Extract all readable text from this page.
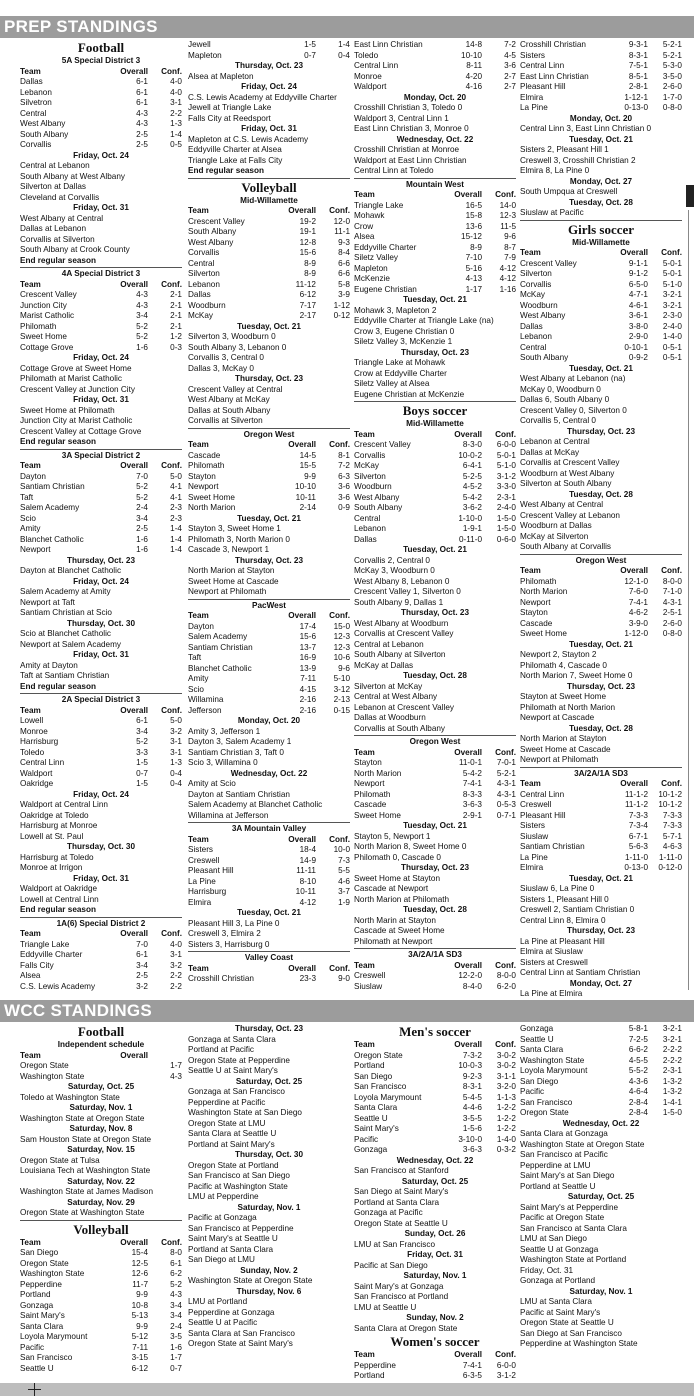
PREP STANDINGS
Football
5A Special District 3
Team	Overall	Conf.
Dallas	6-1	4-0
Lebanon	6-1	4-0
Silvetron	6-1	3-1
Central	4-3	2-2
West Albany	4-3	1-3
South Albany	2-5	1-4
Corvallis	2-5	0-5
Friday, Oct. 24
Central at Lebanon
South Albany at West Albany
Silverton at Dallas
Cleveland at Corvallis
Friday, Oct. 31
West Albany at Central
Dallas at Lebanon
Corvallis at Silverton
South Albany at Crook County
End regular season
4A Special District 3
Team	Overall	Conf.
Crescent Valley	4-3	2-1
Junction City	4-3	2-1
Marist Catholic	3-4	2-1
Philomath	5-2	2-1
Sweet Home	5-2	1-2
Cottage Grove	1-6	0-3
Friday, Oct. 24
Cottage Grove at Sweet Home
Philomath at Marist Catholic
Crescent Valley at Junction City
Friday, Oct. 31
Sweet Home at Philomath
Junction City at Marist Catholic
Crescent Valley at Cottage Grove
End regular season
3A Special District 2
Team	Overall	Conf.
Dayton	7-0	5-0
Santiam Christian	5-2	4-1
Taft	5-2	4-1
Salem Academy	2-4	2-3
Scio	3-4	2-3
Amity	2-5	1-4
Blanchet Catholic	1-6	1-4
Newport	1-6	1-4
Thursday, Oct. 23
Dayton at Blanchet Catholic
Friday, Oct. 24
Salem Academy at Amity
Newport at Taft
Santiam Christian at Scio
Thursday, Oct. 30
Scio at Blanchet Catholic
Newport at Salem Academy
Friday, Oct. 31
Amity at Dayton
Taft at Santiam Christian
End regular season
2A Special District 3
Team	Overall	Conf.
Lowell	6-1	5-0
Monroe	3-4	3-2
Harrisburg	5-2	3-1
Toledo	3-3	3-1
Central Linn	1-5	1-3
Waldport	0-7	0-4
Oakridge	1-5	0-4
Friday, Oct. 24
Waldport at Central Linn
Oakridge at Toledo
Harrisburg at Monroe
Lowell at St. Paul
Thursday, Oct. 30
Harrisburg at Toledo
Monroe at Irrigon
Friday, Oct. 31
Waldport at Oakridge
Lowell at Central Linn
End regular season
1A(6) Special District 2
Team	Overall	Conf.
Triangle Lake	7-0	4-0
Eddyville Charter	6-1	3-1
Falls City	3-4	3-2
Alsea	2-5	2-2
C.S. Lewis Academy	3-2	2-2
Jewell	1-5	1-4
Mapleton	0-7	0-4
Thursday, Oct. 23
Alsea at Mapleton
Friday, Oct. 24
C.S. Lewis Academy at Eddyville Charter
Jewell at Triangle Lake
Falls City at Reedsport
Friday, Oct. 31
Mapleton at C.S. Lewis Academy
Eddyville Charter at Alsea
Triangle Lake at Falls City
End regular season
Volleyball
Mid-Willamette
Team	Overall	Conf.
Crescent Valley	19-2	12-0
South Albany	19-1	11-1
West Albany	12-8	9-3
Corvallis	15-6	8-4
Central	8-9	6-6
Silverton	8-9	6-6
Lebanon	11-12	5-8
Dallas	6-12	3-9
Woodburn	7-17	1-12
McKay	2-17	0-12
Tuesday, Oct. 21
Silverton 3, Woodburn 0
South Albany 3, Lebanon 0
Corvallis 3, Central 0
Dallas 3, McKay 0
Thursday, Oct. 23
Crescent Valley at Central
West Albany at McKay
Dallas at South Albany
Corvallis at Silverton
Oregon West
Team	Overall	Conf.
Cascade	14-5	8-1
Philomath	15-5	7-2
Stayton	9-9	6-3
Newport	10-10	3-6
Sweet Home	10-11	3-6
North Marion	2-14	0-9
Tuesday, Oct. 21
Stayton 3, Sweet Home 1
Philomath 3, North Marion 0
Cascade 3, Newport 1
Thursday, Oct. 23
North Marion at Stayton
Sweet Home at Cascade
Newport at Philomath
PacWest
Team	Overall	Conf.
Dayton	17-4	15-0
Salem Academy	15-6	12-3
Santiam Christian	13-7	12-3
Taft	16-9	10-6
Blanchet Catholic	13-9	9-6
Amity	7-11	5-10
Scio	4-15	3-12
Willamina	2-16	2-13
Jefferson	2-16	0-15
Monday, Oct. 20
Amity 3, Jefferson 1
Dayton 3, Salem Academy 1
Santiam Christian 3, Taft 0
Scio 3, Willamina 0
Wednesday, Oct. 22
Amity at Scio
Dayton at Santiam Christian
Salem Academy at Blanchet Catholic
Willamina at Jefferson
3A Mountain Valley
Team	Overall	Conf.
Sisters	18-4	10-0
Creswell	14-9	7-3
Pleasant Hill	11-11	5-5
La Pine	8-10	4-6
Harrisburg	10-11	3-7
Elmira	4-12	1-9
Tuesday, Oct. 21
Pleasant Hill 3, La Pine 0
Creswell 3, Elmira 2
Sisters 3, Harrisburg 0
Valley Coast
Team	Overall	Conf.
Crosshill Christian	23-3	9-0
East Linn Christian	14-8	7-2
Toledo	10-10	4-5
Central Linn	8-11	3-6
Monroe	4-20	2-7
Waldport	4-16	2-7
Monday, Oct. 20
Crosshill Christian 3, Toledo 0
Waldport 3, Central Linn 1
East Linn Christian 3, Monroe 0
Wednesday, Oct. 22
Crosshill Christian at Monroe
Waldport at East Linn Christian
Central Linn at Toledo
Mountain West
Team	Overall	Conf.
Triangle Lake	16-5	14-0
Mohawk	15-8	12-3
Crow	13-6	11-5
Alsea	15-12	9-6
Eddyville Charter	8-9	8-7
Siletz Valley	7-10	7-9
Mapleton	5-16	4-12
McKenzie	4-13	4-12
Eugene Christian	1-17	1-16
Tuesday, Oct. 21
Mohawk 3, Mapleton 2
Eddyville Charter at Triangle Lake (na)
Crow 3, Eugene Christian 0
Siletz Valley 3, McKenzie 1
Thursday, Oct. 23
Triangle Lake at Mohawk
Crow at Eddyville Charter
Siletz Valley at Alsea
Eugene Christian at McKenzie
Boys soccer
Mid-Willamette
Team	Overall	Conf.
Crescent Valley	8-3-0	6-0-0
Corvallis	10-0-2	5-0-1
McKay	6-4-1	5-1-0
Silverton	5-2-5	3-1-2
Woodburn	4-5-2	3-3-0
West Albany	5-4-2	2-3-1
South Albany	3-6-2	2-4-0
Central	1-10-0	1-5-0
Lebanon	1-9-1	1-5-0
Dallas	0-11-0	0-6-0
Tuesday, Oct. 21
Corvallis 2, Central 0
McKay 3, Woodburn 0
West Albany 8, Lebanon 0
Crescent Valley 1, Silverton 0
South Albany 9, Dallas 1
Thursday, Oct. 23
West Albany at Woodburn
Corvallis at Crescent Valley
Central at Lebanon
South Albany at Silverton
McKay at Dallas
Tuesday, Oct. 28
Silverton at McKay
Central at West Albany
Lebanon at Crescent Valley
Dallas at Woodburn
Corvallis at South Albany
Oregon West
Team	Overall	Conf.
Stayton	11-0-1	7-0-1
North Marion	5-4-2	5-2-1
Newport	7-4-1	4-3-1
Philomath	8-3-3	4-3-1
Cascade	3-6-3	0-5-3
Sweet Home	2-9-1	0-7-1
Tuesday, Oct. 21
Stayton 5, Newport 1
North Marion 8, Sweet Home 0
Philomath 0, Cascade 0
Thursday, Oct. 23
Sweet Home at Stayton
Cascade at Newport
North Marion at Philomath
Tuesday, Oct. 28
North Marin at Stayton
Cascade at Sweet Home
Philomath at Newport
3A/2A/1A SD3
Team	Overall	Conf.
Creswell	12-2-0	8-0-0
Siuslaw	8-4-0	6-2-0
Crosshill Christian	9-3-1	5-2-1
Sisters	8-3-1	5-2-1
Central Linn	7-5-1	5-3-0
East Linn Christian	8-5-1	3-5-0
Pleasant Hill	2-8-1	2-6-0
Elmira	1-12-1	1-7-0
La Pine	0-13-0	0-8-0
Monday, Oct. 20
Central Linn 3, East Linn Christian 0
Tuesday, Oct. 21
Sisters 2, Pleasant Hill 1
Creswell 3, Crosshill Christian 2
Elmira 8, La Pine 0
Monday, Oct. 27
South Umpqua at Creswell
Tuesday, Oct. 28
Siuslaw at Pacific
Girls soccer
Mid-Willamette
Team	Overall	Conf.
Crescent Valley	9-1-1	5-0-1
Silverton	9-1-2	5-0-1
Corvallis	6-5-0	5-1-0
McKay	4-7-1	3-2-1
Woodburn	4-6-1	3-2-1
West Albany	3-6-1	2-3-0
Dallas	3-8-0	2-4-0
Lebanon	2-9-0	1-4-0
Central	0-10-1	0-5-1
South Albany	0-9-2	0-5-1
Tuesday, Oct. 21
West Albany at Lebanon (na)
McKay 0, Woodburn 0
Dallas 6, South Albany 0
Crescent Valley 0, Silverton 0
Corvallis 5, Central 0
Thursday, Oct. 23
Lebanon at Central
Dallas at McKay
Corvallis at Crescent Valley
Woodburn at West Albany
Silverton at South Albany
Tuesday, Oct. 28
West Albany at Central
Crescent Valley at Lebanon
Woodburn at Dallas
McKay at Silverton
South Albany at Corvallis
Oregon West
Team	Overall	Conf.
Philomath	12-1-0	8-0-0
North Marion	7-6-0	7-1-0
Newport	7-4-1	4-3-1
Stayton	4-6-2	2-5-1
Cascade	3-9-0	2-6-0
Sweet Home	1-12-0	0-8-0
Tuesday, Oct. 21
Newport 2, Stayton 2
Philomath 4, Cascade 0
North Marion 7, Sweet Home 0
Thursday, Oct. 23
Stayton at Sweet Home
Philomath at North Marion
Newport at Cascade
Tuesday, Oct. 28
North Marion at Stayton
Sweet Home at Cascade
Newport at Philomath
3A/2A/1A SD3
Team	Overall	Conf.
Central Linn	11-1-2	10-1-2
Creswell	11-1-2	10-1-2
Pleasant Hill	7-3-3	7-3-3
Sisters	7-3-4	7-3-3
Siuslaw	6-7-1	5-7-1
Santiam Christian	5-6-3	4-6-3
La Pine	1-11-0	1-11-0
Elmira	0-13-0	0-12-0
Tuesday, Oct. 21
Siuslaw 6, La Pine 0
Sisters 1, Pleasant Hill 0
Creswell 2, Santiam Christian 0
Central Linn 8, Elmira 0
Thursday, Oct. 23
La Pine at Pleasant Hill
Elmira at Siuslaw
Sisters at Creswell
Central Linn at Santiam Christian
Monday, Oct. 27
La Pine at Elmira
WCC STANDINGS
Football
Independent schedule
Team	Overall
Oregon State	1-7
Washington State	4-3
Saturday, Oct. 25
Toledo at Washington State
Saturday, Nov. 1
Washington State at Oregon State
Saturday, Nov. 8
Sam Houston State at Oregon State
Saturday, Nov. 15
Oregon State at Tulsa
Louisiana Tech at Washington State
Saturday, Nov. 22
Washington State at James Madison
Saturday, Nov. 29
Oregon State at Washington State
Volleyball
Team	Overall	Conf.
San Diego	15-4	8-0
Oregon State	12-5	6-1
Washington State	12-6	6-2
Pepperdine	11-7	5-2
Portland	9-9	4-3
Gonzaga	10-8	3-4
Saint Mary's	5-13	3-4
Santa Clara	9-9	2-4
Loyola Marymount	5-12	3-5
Pacific	7-11	1-6
San Francisco	3-15	1-7
Seattle U	6-12	0-7
Thursday, Oct. 23
Gonzaga at Santa Clara
Portland at Pacific
Oregon State at Pepperdine
Seattle U at Saint Mary's
Saturday, Oct. 25
Gonzaga at San Francisco
Pepperdine at Pacific
Washington State at San Diego
Oregon State at LMU
Santa Clara at Seattle U
Portland at Saint Mary's
Thursday, Oct. 30
Oregon State at Portland
San Francisco at San Diego
Pacific at Washington State
LMU at Pepperdine
Saturday, Nov. 1
Pacific at Gonzaga
San Francisco at Pepperdine
Saint Mary's at Seattle U
Portland at Santa Clara
San Diego at LMU
Sunday, Nov. 2
Washington State at Oregon State
Thursday, Nov. 6
LMU at Portland
Pepperdine at Gonzaga
Seattle U at Pacific
Santa Clara at San Francisco
Oregon State at Saint Mary's
Men's soccer
Team	Overall	Conf.
Oregon State	7-3-2	3-0-2
Portland	10-0-3	3-0-2
San Diego	9-2-3	3-1-1
San Francisco	8-3-1	3-2-0
Loyola Marymount	5-4-5	1-1-3
Santa Clara	4-4-6	1-2-2
Seattle U	3-5-5	1-2-2
Saint Mary's	1-5-6	1-2-2
Pacific	3-10-0	1-4-0
Gonzaga	3-6-3	0-3-2
Wednesday, Oct. 22
San Francisco at Stanford
Saturday, Oct. 25
San Diego at Saint Mary's
Portland at Santa Clara
Gonzaga at Pacific
Oregon State at Seattle U
Sunday, Oct. 26
LMU at San Francisco
Friday, Oct. 31
Pacific at San Diego
Saturday, Nov. 1
Saint Mary's at Gonzaga
San Francisco at Portland
LMU at Seattle U
Sunday, Nov. 2
Santa Clara at Oregon State
Women's soccer
Team	Overall	Conf.
Pepperdine	7-4-1	6-0-0
Portland	6-3-5	3-1-2
Gonzaga	5-8-1	3-2-1
Seattle U	7-2-5	3-2-1
Santa Clara	6-6-2	2-2-2
Washington State	4-5-5	2-2-2
Loyola Marymount	5-5-2	2-3-1
San Diego	4-3-6	1-3-2
Pacific	4-6-4	1-3-2
San Francisco	2-8-4	1-4-1
Oregon State	2-8-4	1-5-0
Wednesday, Oct. 22
Santa Clara at Gonzaga
Washington State at Oregon State
San Francisco at Pacific
Pepperdine at LMU
Saint Mary's at San Diego
Portland at Seattle U
Saturday, Oct. 25
Saint Mary's at Pepperdine
Pacific at Oregon State
San Francisco at Santa Clara
LMU at San Diego
Seattle U at Gonzaga
Washington State at Portland
Friday, Oct. 31
Gonzaga at Portland
Saturday, Nov. 1
LMU at Santa Clara
Pacific at Saint Mary's
Oregon State at Seattle U
San Diego at San Francisco
Pepperdine at Washington State
